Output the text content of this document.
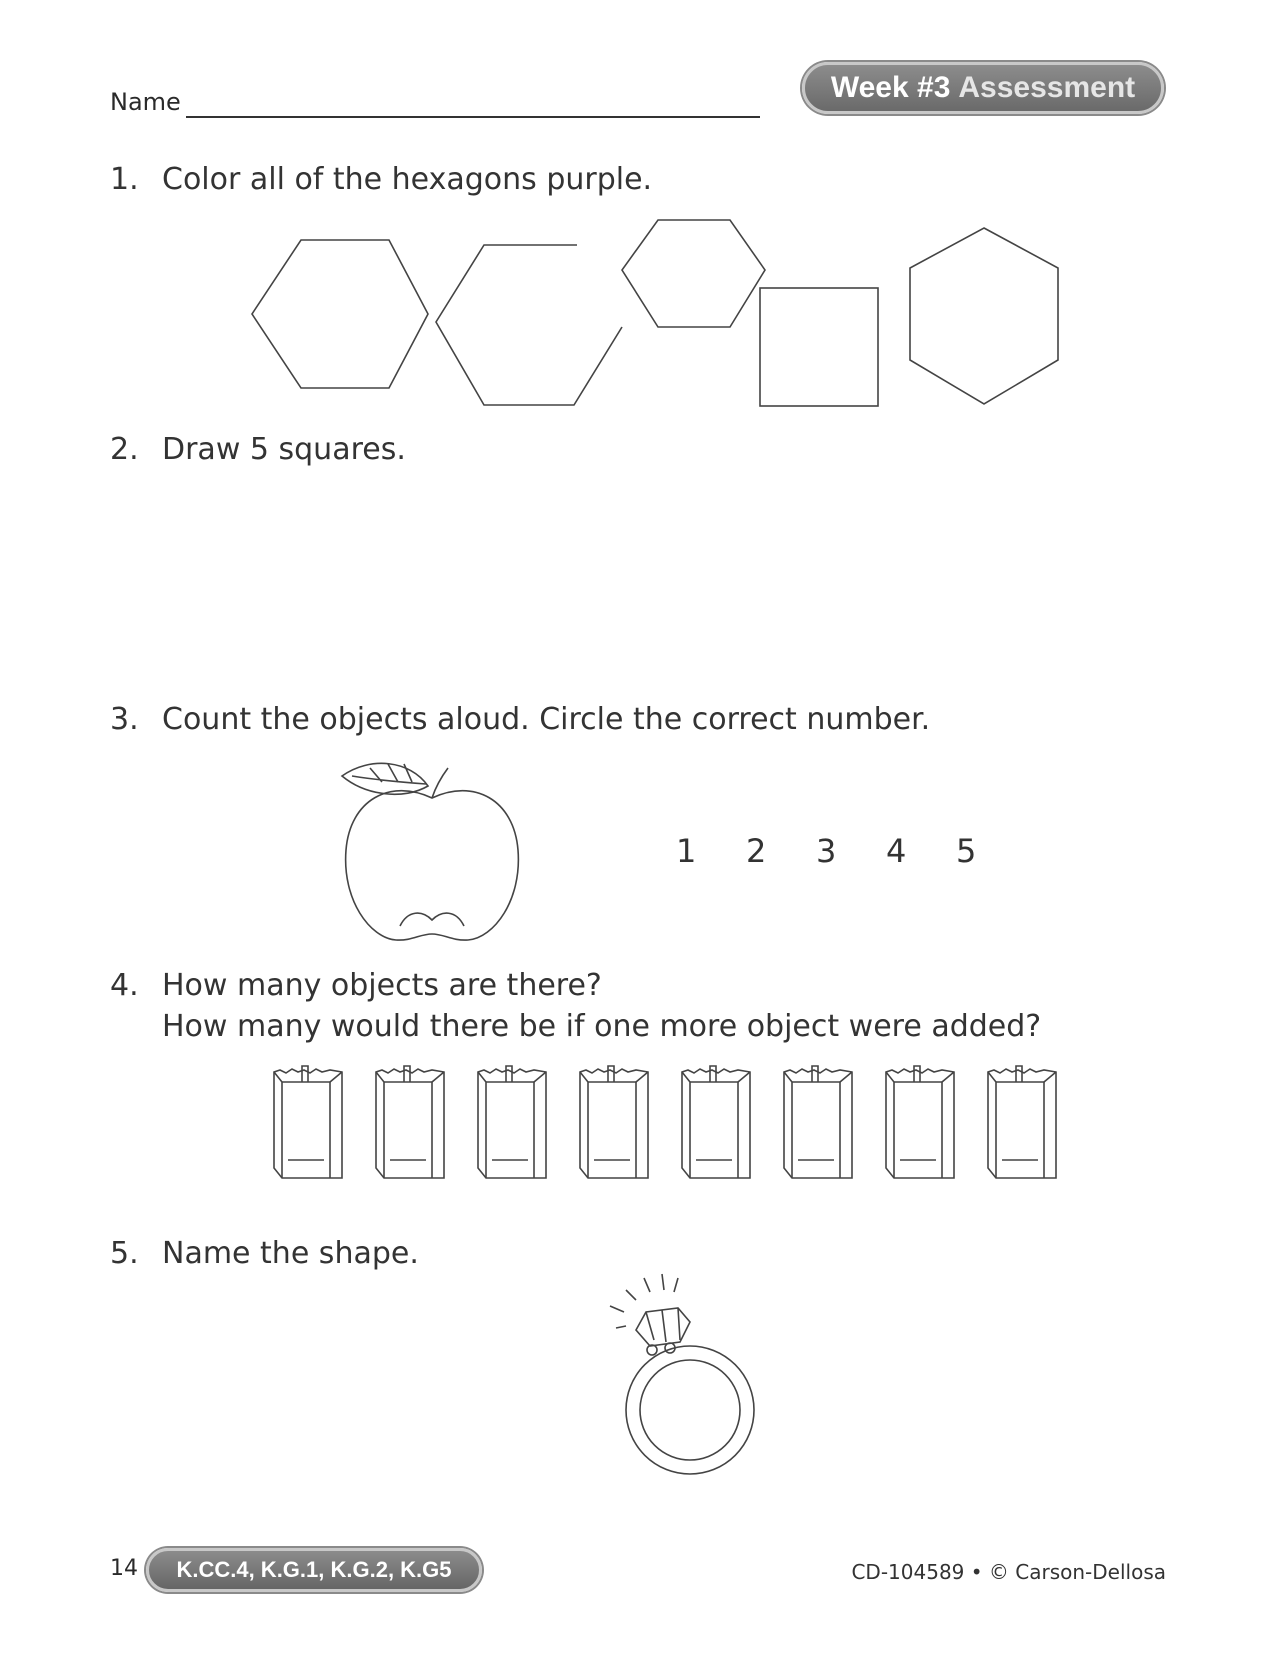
Name	Week #3 Assessment
1. Color all of the hexagons purple.
2. Draw 5 squares.
3. Count the objects aloud. Circle the correct number.
1 2 3 4 5
4. How many objects are there?
How many would there be if one more object were added?
5. Name the shape.
14	K.CC.4, K.G.1, K.G.2, K.G5	CD-104589 • © Carson-Dellosa
